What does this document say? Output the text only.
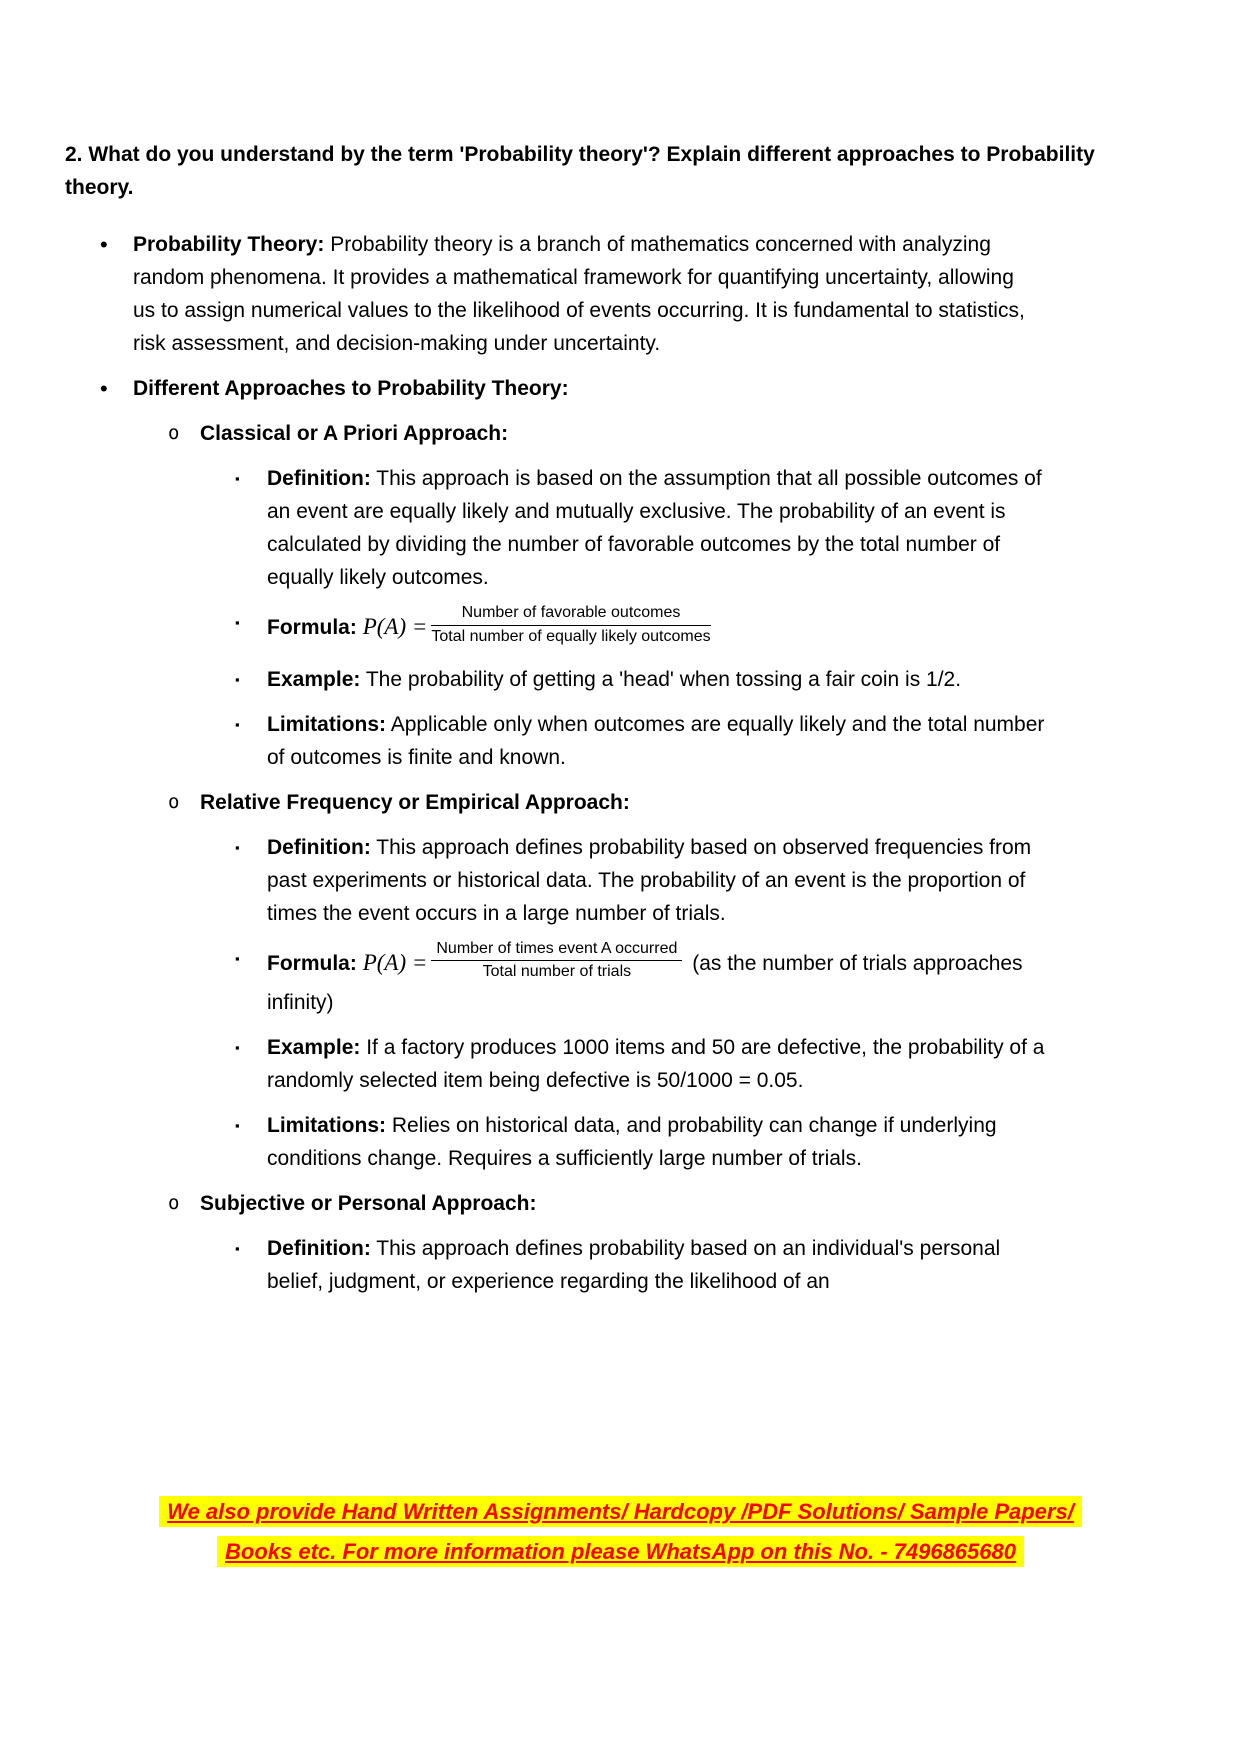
2. What do you understand by the term 'Probability theory'? Explain different approaches to Probability theory.
•	Probability Theory: Probability theory is a branch of mathematics concerned with analyzing random phenomena. It provides a mathematical framework for quantifying uncertainty, allowing us to assign numerical values to the likelihood of events occurring. It is fundamental to statistics, risk assessment, and decision-making under uncertainty.
•	Different Approaches to Probability Theory:
o Classical or A Priori Approach:
▪	Definition: This approach is based on the assumption that all possible outcomes of an event are equally likely and mutually exclusive. The probability of an event is calculated by dividing the number of favorable outcomes by the total number of equally likely outcomes.
▪	Formula: $P(A) = \frac{\text{Number of favorable outcomes}}{\text{Total number of equally likely outcomes}}$
▪	Example: The probability of getting a 'head' when tossing a fair coin is 1/2.
▪	Limitations: Applicable only when outcomes are equally likely and the total number of outcomes is finite and known.
o Relative Frequency or Empirical Approach:
▪	Definition: This approach defines probability based on observed frequencies from past experiments or historical data. The probability of an event is the proportion of times the event occurs in a large number of trials.
▪	Formula: $P(A) = \frac{\text{Number of times event A occurred}}{\text{Total number of trials}} (as$ the number of trials approaches infinity)
▪	Example: If a factory produces 1000 items and 50 are defective, the probability of a randomly selected item being defective is 50/1000 = 0.05.
▪	Limitations: Relies on historical data, and probability can change if underlying conditions change. Requires a sufficiently large number of trials.
o Subjective or Personal Approach:
▪	Definition: This approach defines probability based on an individual's personal belief, judgment, or experience regarding the likelihood of an
We also provide Hand Written Assignments/ Hardcopy /PDF Solutions/ Sample Papers/
Books etc. For more information please WhatsApp on this No. - 7496865680
